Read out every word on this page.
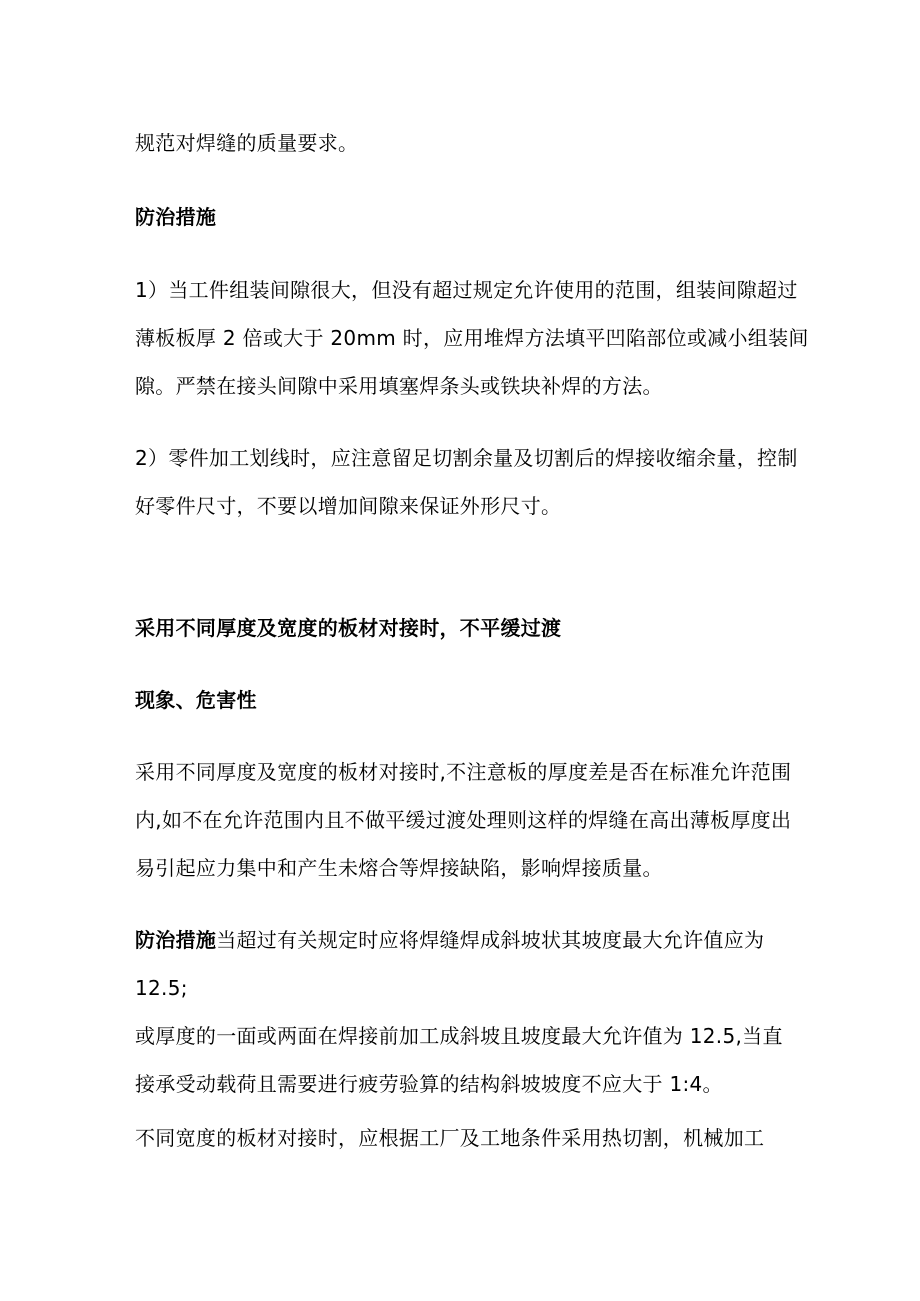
规范对焊缝的质量要求。
防治措施
1）当工件组装间隙很大，但没有超过规定允许使用的范围，组装间隙超过
薄板板厚 2 倍或大于 20mm 时，应用堆焊方法填平凹陷部位或减小组装间
隙。严禁在接头间隙中采用填塞焊条头或铁块补焊的方法。
2）零件加工划线时，应注意留足切割余量及切割后的焊接收缩余量，控制
好零件尺寸，不要以增加间隙来保证外形尺寸。
采用不同厚度及宽度的板材对接时，不平缓过渡
现象、危害性
采用不同厚度及宽度的板材对接时,不注意板的厚度差是否在标准允许范围
内,如不在允许范围内且不做平缓过渡处理则这样的焊缝在高出薄板厚度出
易引起应力集中和产生未熔合等焊接缺陷，影响焊接质量。
防治措施当超过有关规定时应将焊缝焊成斜坡状其坡度最大允许值应为
12.5;
或厚度的一面或两面在焊接前加工成斜坡且坡度最大允许值为 12.5,当直
接承受动载荷且需要进行疲劳验算的结构斜坡坡度不应大于 1:4。
不同宽度的板材对接时，应根据工厂及工地条件采用热切割，机械加工
